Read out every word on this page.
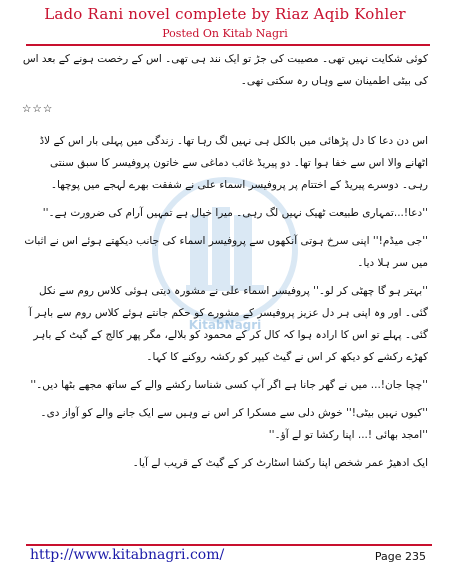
Lado Rani novel complete by Riaz Aqib Kohler
Posted On Kitab Nagri
KitabNagri

کوئی شکایت نہیں تھی۔ مصیبت کی جڑ تو ایک نند ہی تھی۔ اس کے رخصت ہونے کے بعد اس کی بیٹی اطمینان سے وہاں رہ سکتی تھی۔

☆☆☆

اس دن دعا کا دل پڑھائی میں بالکل ہی نہیں لگ رہا تھا۔ زندگی میں پہلی بار اس کے لاڈ اٹھانے والا اس سے خفا ہوا تھا۔ دو پیریڈ غائب دماغی سے خاتون پروفیسر کا سبق سنتی رہی۔ دوسرے پیریڈ کے اختتام پر پروفیسر اسماء علی نے شفقت بھرے لہجے میں پوچھا۔

''دعا!...تمہاری طبیعت ٹھیک نہیں لگ رہی۔ میرا خیال ہے تمہیں آرام کی ضرورت ہے۔''

''جی میڈم!'' اپنی سرخ ہوتی آنکھوں سے پروفیسر اسماء کی جانب دیکھتے ہوئے اس نے اثبات میں سر ہلا دیا۔

''بہتر ہو گا چھٹی کر لو۔'' پروفیسر اسماء علی نے مشورہ دیتی ہوئی کلاس روم سے نکل گئی۔ اور وہ اپنی ہر دل عزیز پروفیسر کے مشورے کو حکم جانتے ہوئے کلاس روم سے باہر آ گئی۔ پہلے تو اس کا ارادہ ہوا کہ کال کر کے محمود کو بلالے، مگر پھر کالج کے گیٹ کے باہر کھڑے رکشے کو دیکھ کر اس نے گیٹ کیپر کو رکشہ روکنے کا کہا۔

''چچا جان!... میں نے گھر جانا ہے اگر آپ کسی شناسا رکشے والے کے ساتھ مجھے بٹھا دیں۔''

''کیوں نہیں بیٹی!'' خوش دلی سے مسکرا کر اس نے وہیں سے ایک جانے والے کو آواز دی۔ ''امجد بھائی !... اپنا رکشا تو لے آؤ۔''

ایک ادھیڑ عمر شخص اپنا رکشا اسٹارٹ کر کے گیٹ کے قریب لے آیا۔

http://www.kitabnagri.com/	Page 235
